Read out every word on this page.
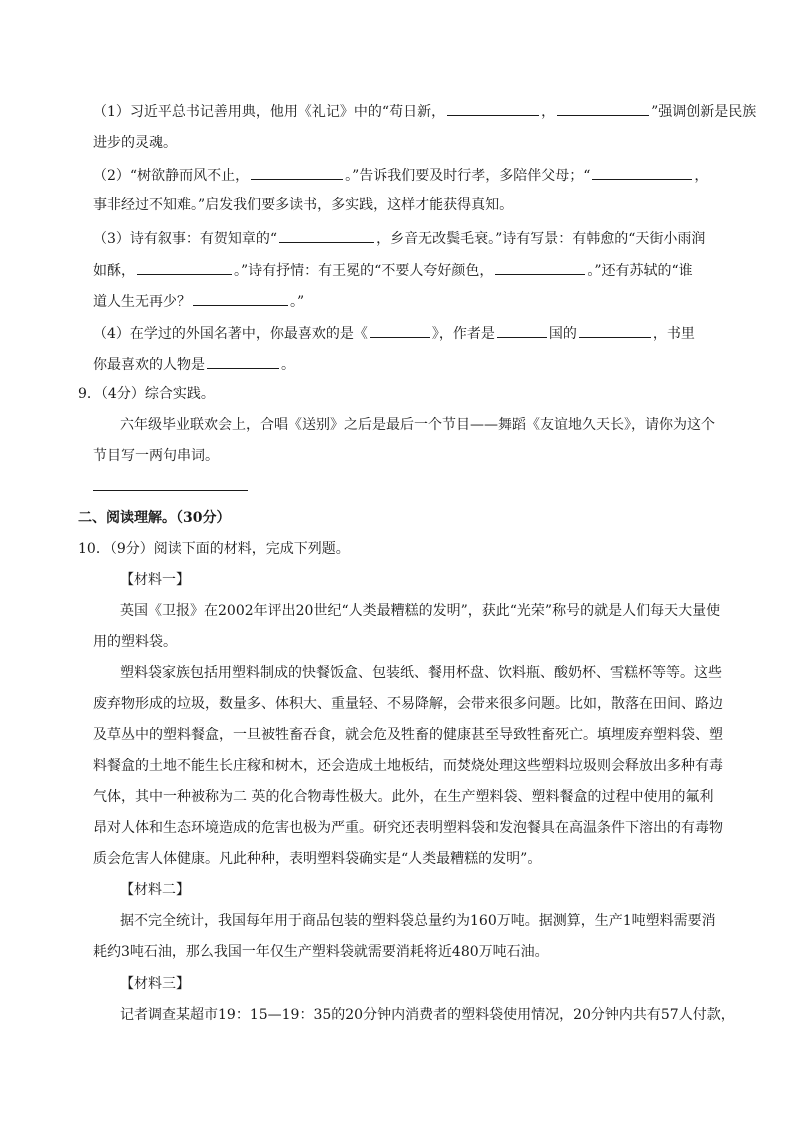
（1）习近平总书记善用典，他用《礼记》中的“苟日新，	，	”强调创新是民族
进步的灵魂。
（2）“树欲静而风不止，	。”告诉我们要及时行孝，多陪伴父母；“	，
事非经过不知难。”启发我们要多读书，多实践，这样才能获得真知。
（3）诗有叙事：有贺知章的“	，乡音无改鬓毛衰。”诗有写景：有韩愈的“天街小雨润
如酥，	。”诗有抒情：有王冕的“不要人夸好颜色，	。”还有苏轼的“谁
道人生无再少？	。”
（4）在学过的外国名著中，你最喜欢的是《	》，作者是	国的	，书里
你最喜欢的人物是	。
9．（4分）综合实践。
六年级毕业联欢会上，合唱《送别》之后是最后一个节目——舞蹈《友谊地久天长》，请你为这个
节目写一两句串词。
二、阅读理解。（30分）
10．（9分）阅读下面的材料，完成下列题。
【材料一】
英国《卫报》在2002年评出20世纪“人类最糟糕的发明”，获此“光荣”称号的就是人们每天大量使
用的塑料袋。
塑料袋家族包括用塑料制成的快餐饭盒、包装纸、餐用杯盘、饮料瓶、酸奶杯、雪糕杯等等。这些
废弃物形成的垃圾，数量多、体积大、重量轻、不易降解，会带来很多问题。比如，散落在田间、路边
及草丛中的塑料餐盒，一旦被牲畜吞食，就会危及牲畜的健康甚至导致牲畜死亡。填埋废弃塑料袋、塑
料餐盒的土地不能生长庄稼和树木，还会造成土地板结，而焚烧处理这些塑料垃圾则会释放出多种有毒
气体，其中一种被称为二 英的化合物毒性极大。此外，在生产塑料袋、塑料餐盒的过程中使用的氟利
昂对人体和生态环境造成的危害也极为严重。研究还表明塑料袋和发泡餐具在高温条件下溶出的有毒物
质会危害人体健康。凡此种种，表明塑料袋确实是“人类最糟糕的发明”。
【材料二】
据不完全统计，我国每年用于商品包装的塑料袋总量约为160万吨。据测算，生产1吨塑料需要消
耗约3吨石油，那么我国一年仅生产塑料袋就需要消耗将近480万吨石油。
【材料三】
记者调查某超市19：15—19：35的20分钟内消费者的塑料袋使用情况，20分钟内共有57人付款，
